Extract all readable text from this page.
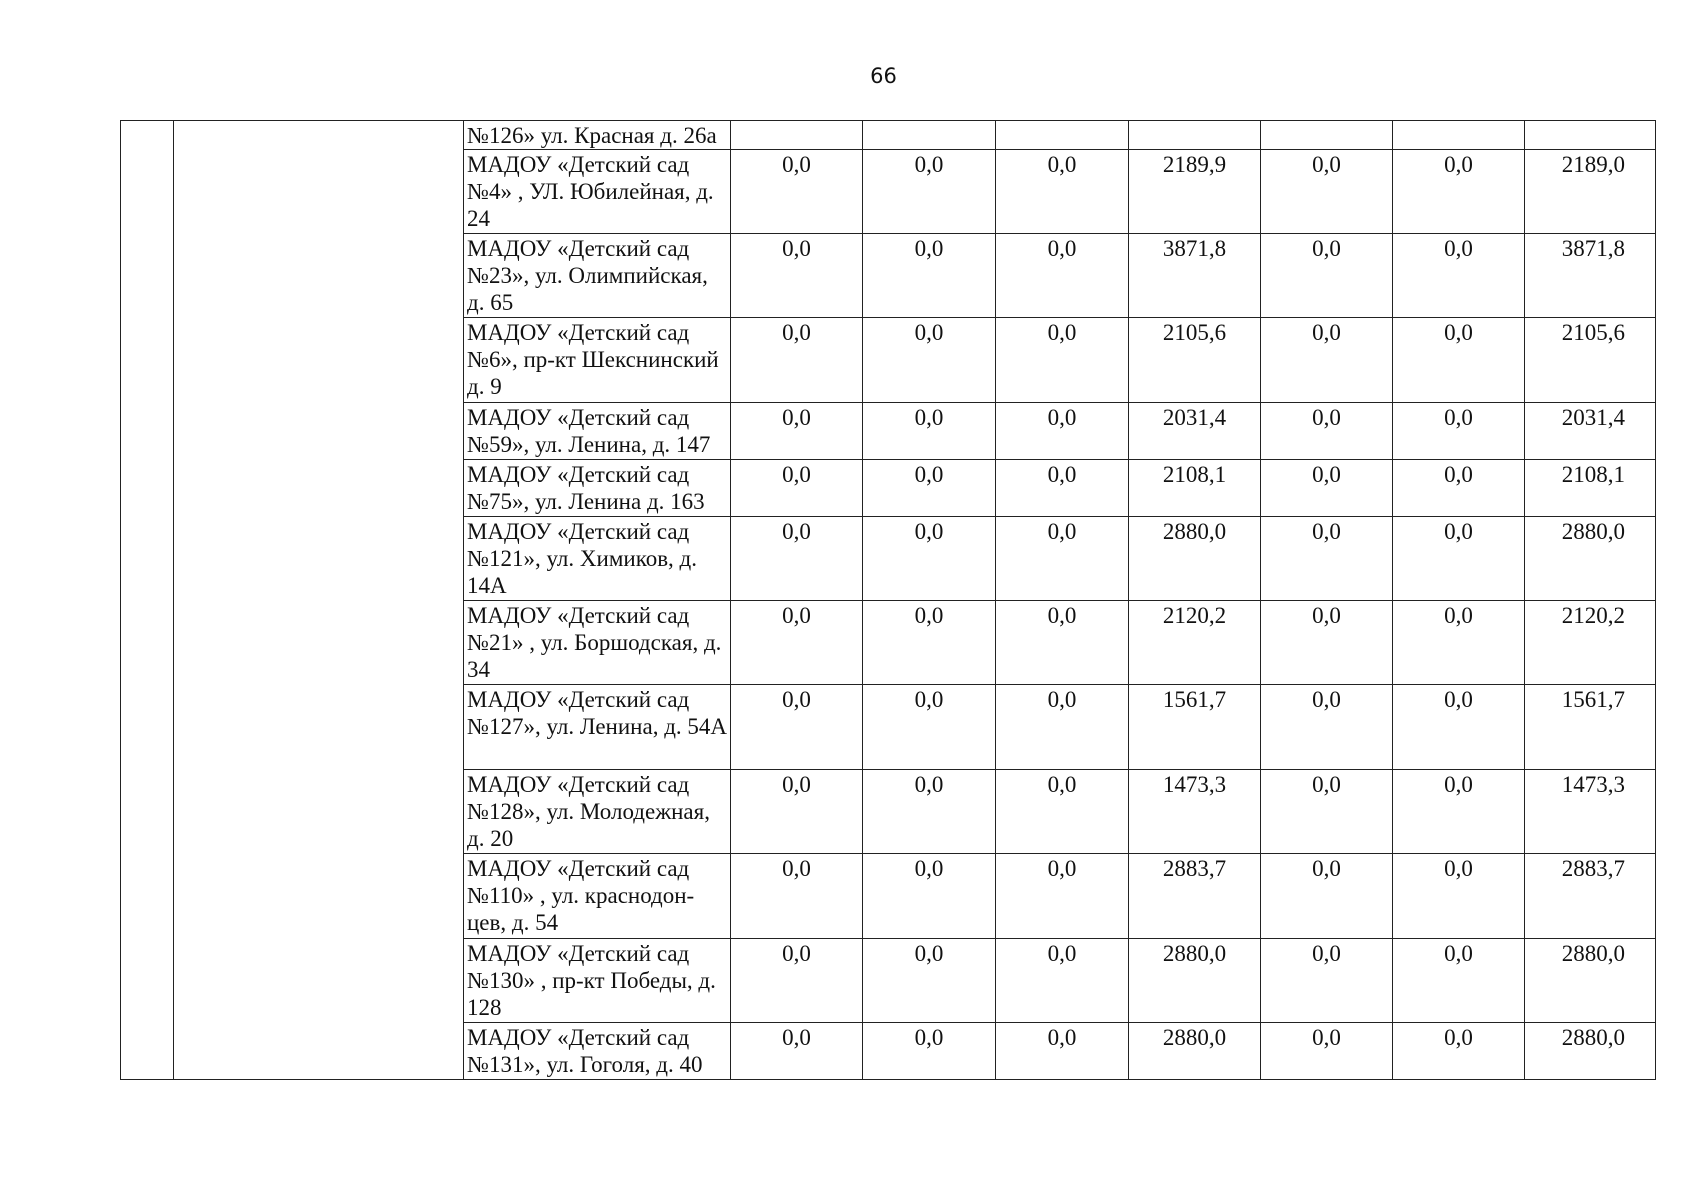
66
		№126» ул. Красная д. 26а							
		МАДОУ «Детский сад №4» , УЛ. Юбилейная, д. 24	0,0	0,0	0,0	2189,9	0,0	0,0	2189,0
		МАДОУ «Детский сад №23», ул. Олимпийская, д. 65	0,0	0,0	0,0	3871,8	0,0	0,0	3871,8
		МАДОУ «Детский сад №6», пр-кт Шекснинский д. 9	0,0	0,0	0,0	2105,6	0,0	0,0	2105,6
		МАДОУ «Детский сад №59», ул. Ленина, д. 147	0,0	0,0	0,0	2031,4	0,0	0,0	2031,4
		МАДОУ «Детский сад №75», ул. Ленина д. 163	0,0	0,0	0,0	2108,1	0,0	0,0	2108,1
		МАДОУ «Детский сад №121», ул. Химиков, д. 14А	0,0	0,0	0,0	2880,0	0,0	0,0	2880,0
		МАДОУ «Детский сад №21» , ул. Боршодская, д. 34	0,0	0,0	0,0	2120,2	0,0	0,0	2120,2
		МАДОУ «Детский сад №127», ул. Ленина, д. 54А	0,0	0,0	0,0	1561,7	0,0	0,0	1561,7
		МАДОУ «Детский сад №128», ул. Молодежная, д. 20	0,0	0,0	0,0	1473,3	0,0	0,0	1473,3
		МАДОУ «Детский сад №110» , ул. краснодон-цев, д. 54	0,0	0,0	0,0	2883,7	0,0	0,0	2883,7
		МАДОУ «Детский сад №130» , пр-кт Победы, д. 128	0,0	0,0	0,0	2880,0	0,0	0,0	2880,0
		МАДОУ «Детский сад №131», ул. Гоголя, д. 40	0,0	0,0	0,0	2880,0	0,0	0,0	2880,0
